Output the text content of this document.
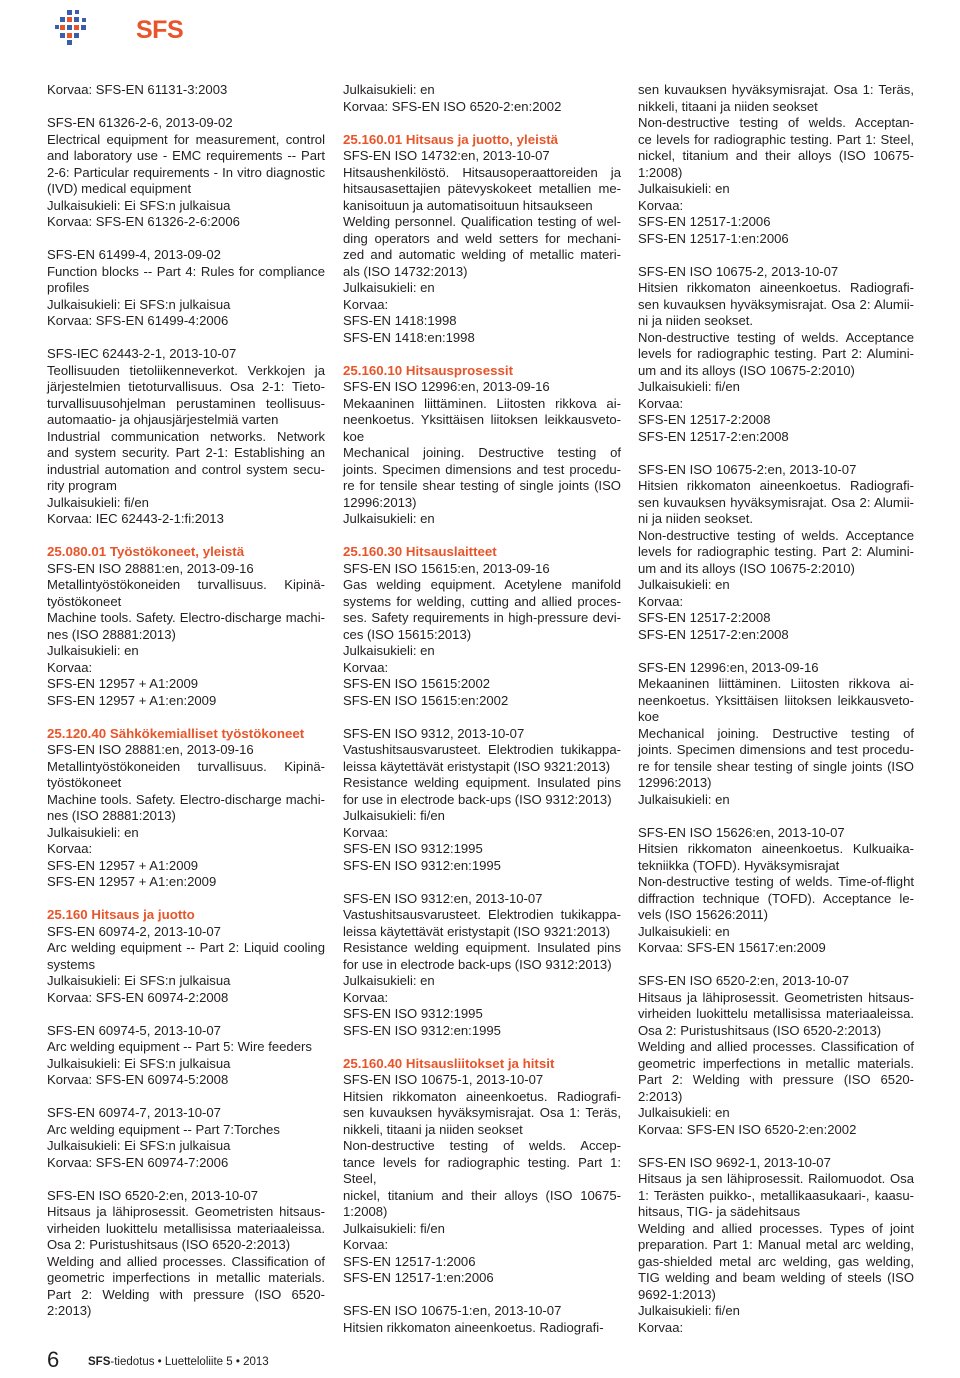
SFS
Korvaa: SFS-EN 61131-3:2003
SFS-EN 61326-2-6, 2013-09-02
Electrical equipment for measurement, control
and laboratory use - EMC requirements -- Part
2-6: Particular requirements - In vitro diagnostic
(IVD) medical equipment
Julkaisukieli: Ei SFS:n julkaisua
Korvaa: SFS-EN 61326-2-6:2006
SFS-EN 61499-4, 2013-09-02
Function blocks -- Part 4: Rules for compliance
profiles
Julkaisukieli: Ei SFS:n julkaisua
Korvaa: SFS-EN 61499-4:2006
SFS-IEC 62443-2-1, 2013-10-07
Teollisuuden tietoliikenneverkot. Verkkojen ja
järjestelmien tietoturvallisuus. Osa 2-1: Tieto-
turvallisuusohjelman perustaminen teollisuus-
automaatio- ja ohjausjärjestelmiä varten
Industrial communication networks. Network
and system security. Part 2-1: Establishing an
industrial automation and control system secu-
rity program
Julkaisukieli: fi/en
Korvaa: IEC 62443-2-1:fi:2013
25.080.01 Työstökoneet, yleistä
SFS-EN ISO 28881:en, 2013-09-16
Metallintyöstökoneiden turvallisuus. Kipinä-
työstökoneet
Machine tools. Safety. Electro-discharge machi-
nes (ISO 28881:2013)
Julkaisukieli: en
Korvaa:
SFS-EN 12957 + A1:2009
SFS-EN 12957 + A1:en:2009
25.120.40 Sähkökemialliset työstökoneet
SFS-EN ISO 28881:en, 2013-09-16
Metallintyöstökoneiden turvallisuus. Kipinä-
työstökoneet
Machine tools. Safety. Electro-discharge machi-
nes (ISO 28881:2013)
Julkaisukieli: en
Korvaa:
SFS-EN 12957 + A1:2009
SFS-EN 12957 + A1:en:2009
25.160 Hitsaus ja juotto
SFS-EN 60974-2, 2013-10-07
Arc welding equipment -- Part 2: Liquid cooling
systems
Julkaisukieli: Ei SFS:n julkaisua
Korvaa: SFS-EN 60974-2:2008
SFS-EN 60974-5, 2013-10-07
Arc welding equipment -- Part 5: Wire feeders
Julkaisukieli: Ei SFS:n julkaisua
Korvaa: SFS-EN 60974-5:2008
SFS-EN 60974-7, 2013-10-07
Arc welding equipment -- Part 7:Torches
Julkaisukieli: Ei SFS:n julkaisua
Korvaa: SFS-EN 60974-7:2006
SFS-EN ISO 6520-2:en, 2013-10-07
Hitsaus ja lähiprosessit. Geometristen hitsaus-
virheiden luokittelu metallisissa materiaaleissa.
Osa 2: Puristushitsaus (ISO 6520-2:2013)
Welding and allied processes. Classification of
geometric imperfections in metallic materials.
Part 2: Welding with pressure (ISO 6520-2:2013)
Julkaisukieli: en
Korvaa: SFS-EN ISO 6520-2:en:2002
25.160.01 Hitsaus ja juotto, yleistä
SFS-EN ISO 14732:en, 2013-10-07
Hitsaushenkilöstö. Hitsausoperaattoreiden ja
hitsausasettajien pätevyskokeet metallien me-
kanisoituun ja automatisoituun hitsaukseen
Welding personnel. Qualification testing of wel-
ding operators and weld setters for mechani-
zed and automatic welding of metallic materi-
als (ISO 14732:2013)
Julkaisukieli: en
Korvaa:
SFS-EN 1418:1998
SFS-EN 1418:en:1998
25.160.10 Hitsausprosessit
SFS-EN ISO 12996:en, 2013-09-16
Mekaaninen liittäminen. Liitosten rikkova ai-
neenkoetus. Yksittäisen liitoksen leikkausveto-
koe
Mechanical joining. Destructive testing of
joints. Specimen dimensions and test procedu-
re for tensile shear testing of single joints (ISO
12996:2013)
Julkaisukieli: en
25.160.30 Hitsauslaitteet
SFS-EN ISO 15615:en, 2013-09-16
Gas welding equipment. Acetylene manifold
systems for welding, cutting and allied proces-
ses. Safety requirements in high-pressure devi-
ces (ISO 15615:2013)
Julkaisukieli: en
Korvaa:
SFS-EN ISO 15615:2002
SFS-EN ISO 15615:en:2002
SFS-EN ISO 9312, 2013-10-07
Vastushitsausvarusteet. Elektrodien tukikappa-
leissa käytettävät eristystapit (ISO 9321:2013)
Resistance welding equipment. Insulated pins
for use in electrode back-ups (ISO 9312:2013)
Julkaisukieli: fi/en
Korvaa:
SFS-EN ISO 9312:1995
SFS-EN ISO 9312:en:1995
SFS-EN ISO 9312:en, 2013-10-07
Vastushitsausvarusteet. Elektrodien tukikappa-
leissa käytettävät eristystapit (ISO 9321:2013)
Resistance welding equipment. Insulated pins
for use in electrode back-ups (ISO 9312:2013)
Julkaisukieli: en
Korvaa:
SFS-EN ISO 9312:1995
SFS-EN ISO 9312:en:1995
25.160.40 Hitsausliitokset ja hitsit
SFS-EN ISO 10675-1, 2013-10-07
Hitsien rikkomaton aineenkoetus. Radiografi-
sen kuvauksen hyväksymisrajat. Osa 1: Teräs,
nikkeli, titaani ja niiden seokset
Non-destructive testing of welds. Accep-
tance levels for radiographic testing. Part 1: Steel,
nickel, titanium and their alloys (ISO 10675-
1:2008)
Julkaisukieli: fi/en
Korvaa:
SFS-EN 12517-1:2006
SFS-EN 12517-1:en:2006
SFS-EN ISO 10675-1:en, 2013-10-07
Hitsien rikkomaton aineenkoetus. Radiografi-
sen kuvauksen hyväksymisrajat. Osa 1: Teräs,
nikkeli, titaani ja niiden seokset
Non-destructive testing of welds. Acceptan-
ce levels for radiographic testing. Part 1: Steel,
nickel, titanium and their alloys (ISO 10675-
1:2008)
Julkaisukieli: en
Korvaa:
SFS-EN 12517-1:2006
SFS-EN 12517-1:en:2006
SFS-EN ISO 10675-2, 2013-10-07
Hitsien rikkomaton aineenkoetus. Radiografi-
sen kuvauksen hyväksymisrajat. Osa 2: Alumii-
ni ja niiden seokset.
Non-destructive testing of welds. Acceptance
levels for radiographic testing. Part 2: Alumini-
um and its alloys (ISO 10675-2:2010)
Julkaisukieli: fi/en
Korvaa:
SFS-EN 12517-2:2008
SFS-EN 12517-2:en:2008
SFS-EN ISO 10675-2:en, 2013-10-07
Hitsien rikkomaton aineenkoetus. Radiografi-
sen kuvauksen hyväksymisrajat. Osa 2: Alumii-
ni ja niiden seokset.
Non-destructive testing of welds. Acceptance
levels for radiographic testing. Part 2: Alumini-
um and its alloys (ISO 10675-2:2010)
Julkaisukieli: en
Korvaa:
SFS-EN 12517-2:2008
SFS-EN 12517-2:en:2008
SFS-EN 12996:en, 2013-09-16
Mekaaninen liittäminen. Liitosten rikkova ai-
neenkoetus. Yksittäisen liitoksen leikkausveto-
koe
Mechanical joining. Destructive testing of
joints. Specimen dimensions and test procedu-
re for tensile shear testing of single joints (ISO
12996:2013)
Julkaisukieli: en
SFS-EN ISO 15626:en, 2013-10-07
Hitsien rikkomaton aineenkoetus. Kulkuaika-
tekniikka (TOFD). Hyväksymisrajat
Non-destructive testing of welds. Time-of-flight
diffraction technique (TOFD). Acceptance le-
vels (ISO 15626:2011)
Julkaisukieli: en
Korvaa: SFS-EN 15617:en:2009
SFS-EN ISO 6520-2:en, 2013-10-07
Hitsaus ja lähiprosessit. Geometristen hitsaus-
virheiden luokittelu metallisissa materiaaleissa.
Osa 2: Puristushitsaus (ISO 6520-2:2013)
Welding and allied processes. Classification of
geometric imperfections in metallic materials.
Part 2: Welding with pressure (ISO 6520-2:2013)
Julkaisukieli: en
Korvaa: SFS-EN ISO 6520-2:en:2002
SFS-EN ISO 9692-1, 2013-10-07
Hitsaus ja sen lähiprosessit. Railomuodot. Osa
1: Terästen puikko-, metallikaasukaari-, kaasu-
hitsaus, TIG- ja sädehitsaus
Welding and allied processes. Types of joint
preparation. Part 1: Manual metal arc welding,
gas-shielded metal arc welding, gas welding,
TIG welding and beam welding of steels (ISO
9692-1:2013)
Julkaisukieli: fi/en
Korvaa:
6	SFS-tiedotus • Luetteloliite 5 • 2013
